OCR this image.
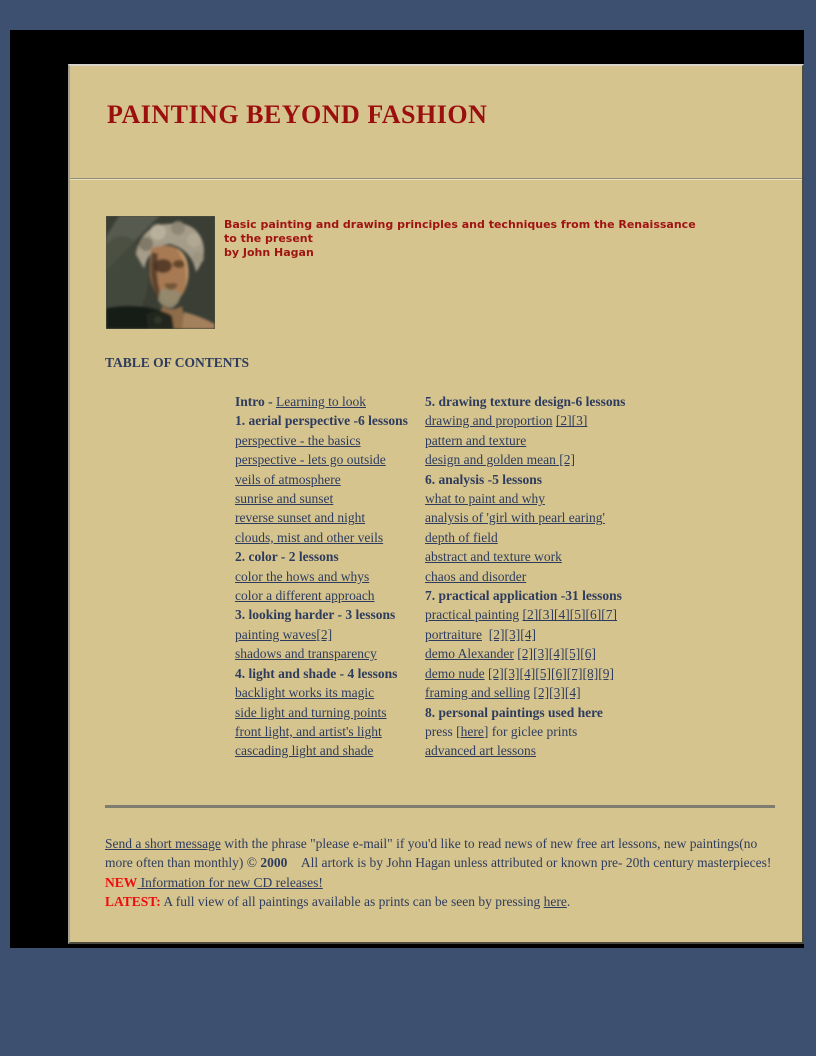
PAINTING BEYOND FASHION
Basic painting and drawing principles and techniques from the Renaissance
to the present
by John Hagan
TABLE OF CONTENTS
Intro - Learning to look
1. aerial perspective -6 lessons
perspective - the basics
perspective - lets go outside
veils of atmosphere
sunrise and sunset
reverse sunset and night
clouds, mist and other veils
2. color - 2 lessons
color the hows and whys
color a different approach
3. looking harder - 3 lessons
painting waves[2]
shadows and transparency
4. light and shade - 4 lessons
backlight works its magic
side light and turning points
front light, and artist's light
cascading light and shade
5. drawing texture design-6 lessons
drawing and proportion [2][3]
pattern and texture
design and golden mean [2]
6. analysis -5 lessons
what to paint and why
analysis of 'girl with pearl earing'
depth of field
abstract and texture work
chaos and disorder
7. practical application -31 lessons
practical painting [2][3][4][5][6][7]
portraiture [2][3][4]
demo Alexander [2][3][4][5][6]
demo nude [2][3][4][5][6][7][8][9]
framing and selling [2][3][4]
8. personal paintings used here
press [here] for giclee prints
advanced art lessons
Send a short message with the phrase "please e-mail" if you'd like to read news of new free art lessons, new paintings(no more often than monthly) © 2000    All artork is by John Hagan unless attributed or known pre- 20th century masterpieces! NEW Information for new CD releases!
LATEST: A full view of all paintings available as prints can be seen by pressing here.
